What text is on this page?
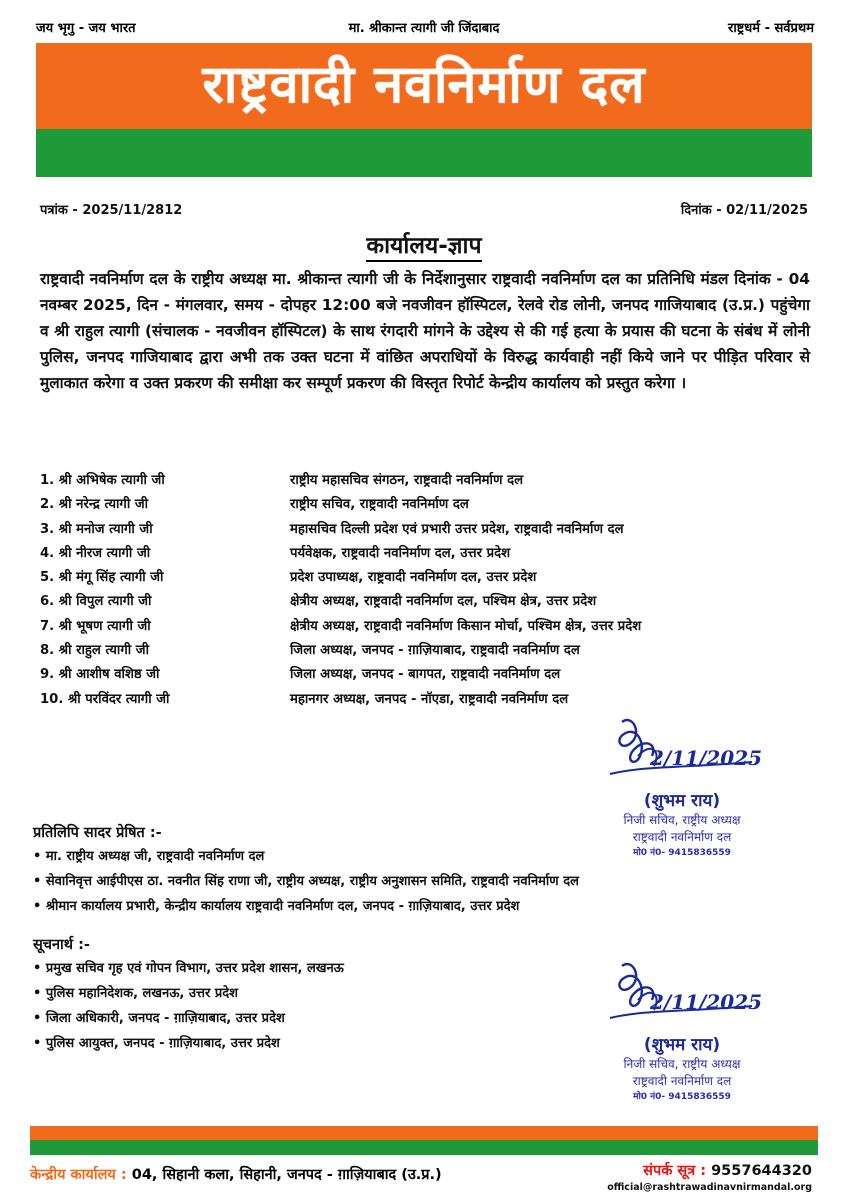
जय भृगु - जय भारत	मा. श्रीकान्त त्यागी जी जिंदाबाद	राष्ट्रधर्म - सर्वप्रथम
राष्ट्रवादी नवनिर्माण दल
पत्रांक - 2025/11/2812	दिनांक - 02/11/2025
कार्यालय-ज्ञाप
राष्ट्रवादी नवनिर्माण दल के राष्ट्रीय अध्यक्ष मा. श्रीकान्त त्यागी जी के निर्देशानुसार राष्ट्रवादी नवनिर्माण दल का प्रतिनिधि मंडल दिनांक - 04 नवम्बर 2025, दिन - मंगलवार, समय - दोपहर 12:00 बजे नवजीवन हॉस्पिटल, रेलवे रोड लोनी, जनपद गाजियाबाद (उ.प्र.) पहुंचेगा व श्री राहुल त्यागी (संचालक - नवजीवन हॉस्पिटल) के साथ रंगदारी मांगने के उद्देश्य से की गई हत्या के प्रयास की घटना के संबंध में लोनी पुलिस, जनपद गाजियाबाद द्वारा अभी तक उक्त घटना में वांछित अपराधियों के विरुद्ध कार्यवाही नहीं किये जाने पर पीड़ित परिवार से मुलाकात करेगा व उक्त प्रकरण की समीक्षा कर सम्पूर्ण प्रकरण की विस्तृत रिपोर्ट केन्द्रीय कार्यालय को प्रस्तुत करेगा ।
1. श्री अभिषेक त्यागी जी	राष्ट्रीय महासचिव संगठन, राष्ट्रवादी नवनिर्माण दल
2. श्री नरेन्द्र त्यागी जी	राष्ट्रीय सचिव, राष्ट्रवादी नवनिर्माण दल
3. श्री मनोज त्यागी जी	महासचिव दिल्ली प्रदेश एवं प्रभारी उत्तर प्रदेश, राष्ट्रवादी नवनिर्माण दल
4. श्री नीरज त्यागी जी	पर्यवेक्षक, राष्ट्रवादी नवनिर्माण दल, उत्तर प्रदेश
5. श्री मंगू सिंह त्यागी जी	प्रदेश उपाध्यक्ष, राष्ट्रवादी नवनिर्माण दल, उत्तर प्रदेश
6. श्री विपुल त्यागी जी	क्षेत्रीय अध्यक्ष, राष्ट्रवादी नवनिर्माण दल, पश्चिम क्षेत्र, उत्तर प्रदेश
7. श्री भूषण त्यागी जी	क्षेत्रीय अध्यक्ष, राष्ट्रवादी नवनिर्माण किसान मोर्चा, पश्चिम क्षेत्र, उत्तर प्रदेश
8. श्री राहुल त्यागी जी	जिला अध्यक्ष, जनपद - ग़ाज़ियाबाद, राष्ट्रवादी नवनिर्माण दल
9. श्री आशीष वशिष्ठ जी	जिला अध्यक्ष, जनपद - बागपत, राष्ट्रवादी नवनिर्माण दल
10. श्री परविंदर त्यागी जी	महानगर अध्यक्ष, जनपद - नॉएडा, राष्ट्रवादी नवनिर्माण दल
2/11/2025
(शुभम राय)
निजी सचिव, राष्ट्रीय अध्यक्ष
राष्ट्रवादी नवनिर्माण दल
मो0 नं0- 9415836559
प्रतिलिपि सादर प्रेषित :-
• मा. राष्ट्रीय अध्यक्ष जी, राष्ट्रवादी नवनिर्माण दल
• सेवानिवृत्त आईपीएस ठा. नवनीत सिंह राणा जी, राष्ट्रीय अध्यक्ष, राष्ट्रीय अनुशासन समिति, राष्ट्रवादी नवनिर्माण दल
• श्रीमान कार्यालय प्रभारी, केन्द्रीय कार्यालय राष्ट्रवादी नवनिर्माण दल, जनपद - ग़ाज़ियाबाद, उत्तर प्रदेश
सूचनार्थ :-
• प्रमुख सचिव गृह एवं गोपन विभाग, उत्तर प्रदेश शासन, लखनऊ
• पुलिस महानिदेशक, लखनऊ, उत्तर प्रदेश
• जिला अधिकारी, जनपद - ग़ाज़ियाबाद, उत्तर प्रदेश
• पुलिस आयुक्त, जनपद - ग़ाज़ियाबाद, उत्तर प्रदेश
2/11/2025
(शुभम राय)
निजी सचिव, राष्ट्रीय अध्यक्ष
राष्ट्रवादी नवनिर्माण दल
मो0 नं0- 9415836559
केन्द्रीय कार्यालय : 04, सिहानी कला, सिहानी, जनपद - ग़ाज़ियाबाद (उ.प्र.)	संपर्क सूत्र : 9557644320
official@rashtrawadinavnirmandal.org
